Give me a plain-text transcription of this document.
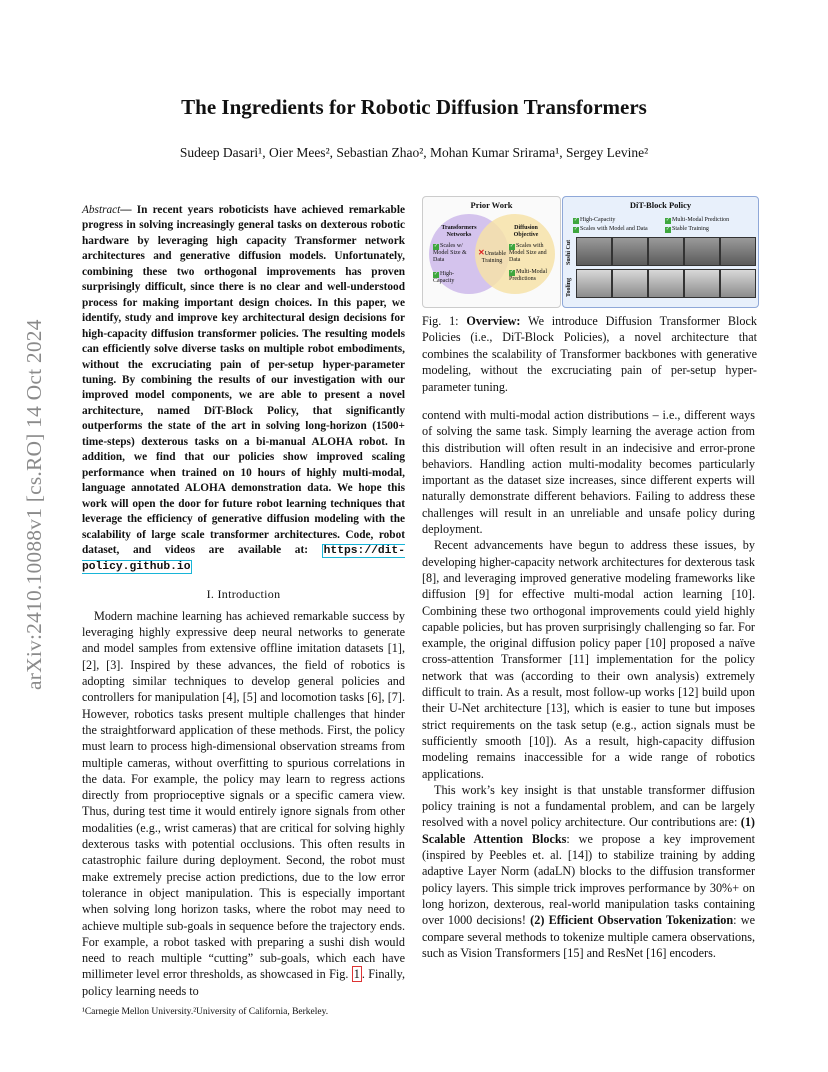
arXiv:2410.10088v1 [cs.RO] 14 Oct 2024
The Ingredients for Robotic Diffusion Transformers
Sudeep Dasari¹, Oier Mees², Sebastian Zhao², Mohan Kumar Srirama¹, Sergey Levine²
Abstract— In recent years roboticists have achieved remarkable progress in solving increasingly general tasks on dexterous robotic hardware by leveraging high capacity Transformer network architectures and generative diffusion models. Unfortunately, combining these two orthogonal improvements has proven surprisingly difficult, since there is no clear and well-understood process for making important design choices. In this paper, we identify, study and improve key architectural design decisions for high-capacity diffusion transformer policies. The resulting models can efficiently solve diverse tasks on multiple robot embodiments, without the excruciating pain of per-setup hyper-parameter tuning. By combining the results of our investigation with our improved model components, we are able to present a novel architecture, named DiT-Block Policy, that significantly outperforms the state of the art in solving long-horizon (1500+ time-steps) dexterous tasks on a bi-manual ALOHA robot. In addition, we find that our policies show improved scaling performance when trained on 10 hours of highly multi-modal, language annotated ALOHA demonstration data. We hope this work will open the door for future robot learning techniques that leverage the efficiency of generative diffusion modeling with the scalability of large scale transformer architectures. Code, robot dataset, and videos are available at: https://dit-policy.github.io
I. Introduction

Modern machine learning has achieved remarkable success by leveraging highly expressive deep neural networks to generate and model samples from extensive offline imitation datasets [1], [2], [3]. Inspired by these advances, the field of robotics is adopting similar techniques to develop general policies and controllers for manipulation [4], [5] and locomotion tasks [6], [7]. However, robotics tasks present multiple challenges that hinder the straightforward application of these methods. First, the policy must learn to process high-dimensional observation streams from multiple cameras, without overfitting to spurious correlations in the data. For example, the policy may learn to regress actions directly from proprioceptive signals or a specific camera view. Thus, during test time it would entirely ignore signals from other modalities (e.g., wrist cameras) that are critical for solving highly dexterous tasks with potential occlusions. This often results in catastrophic failure during deployment. Second, the robot must make extremely precise action predictions, due to the low error tolerance in object manipulation. This is especially important when solving long horizon tasks, where the robot may need to achieve multiple sub-goals in sequence before the trajectory ends. For example, a robot tasked with preparing a sushi dish would need to reach multiple “cutting” sub-goals, which each have millimeter level error thresholds, as showcased in Fig. 1 . Finally, policy learning needs to

¹Carnegie Mellon University.²University of California, Berkeley.
Prior Work
Transformers Networks
✓ Scales w/ Model Size & Data
✓ High-Capacity
Diffusion Objective
✓ Scales with Model Size and Data
✓ Multi-Modal Predictions
✕Unstable Training
DiT-Block Policy
✓ High-Capacity	✓ Multi-Modal Prediction
✓ Scales with Model and Data	✓ Stable Training
Sushi Cut
Tooling
Fig. 1: Overview: We introduce Diffusion Transformer Block Policies (i.e., DiT-Block Policies), a novel architecture that combines the scalability of Transformer backbones with generative modeling, without the excruciating pain of per-setup hyper-parameter tuning.

contend with multi-modal action distributions – i.e., different ways of solving the same task. Simply learning the average action from this distribution will often result in an indecisive and error-prone behaviors. Handling action multi-modality becomes particularly important as the dataset size increases, since different experts will naturally demonstrate different behaviors. Failing to address these challenges will result in an unreliable and unsafe policy during deployment.

Recent advancements have begun to address these issues, by developing higher-capacity network architectures for dexterous task [8], and leveraging improved generative modeling frameworks like diffusion [9] for effective multi-modal action learning [10]. Combining these two orthogonal improvements could yield highly capable policies, but has proven surprisingly challenging so far. For example, the original diffusion policy paper [10] proposed a naïve cross-attention Transformer [11] implementation for the policy network that was (according to their own analysis) extremely difficult to train. As a result, most follow-up works [12] build upon their U-Net architecture [13], which is easier to tune but imposes strict requirements on the task setup (e.g., action signals must be sufficiently smooth [10]). As a result, high-capacity diffusion modeling remains inaccessible for a wide range of robotics applications.

This work’s key insight is that unstable transformer diffusion policy training is not a fundamental problem, and can be largely resolved with a novel policy architecture. Our contributions are: (1) Scalable Attention Blocks: we propose a key improvement (inspired by Peebles et. al. [14]) to stabilize training by adding adaptive Layer Norm (adaLN) blocks to the diffusion transformer policy layers. This simple trick improves performance by 30%+ on long horizon, dexterous, real-world manipulation tasks containing over 1000 decisions! (2) Efficient Observation Tokenization: we compare several methods to tokenize multiple camera observations, such as Vision Transformers [15] and ResNet [16] encoders.
